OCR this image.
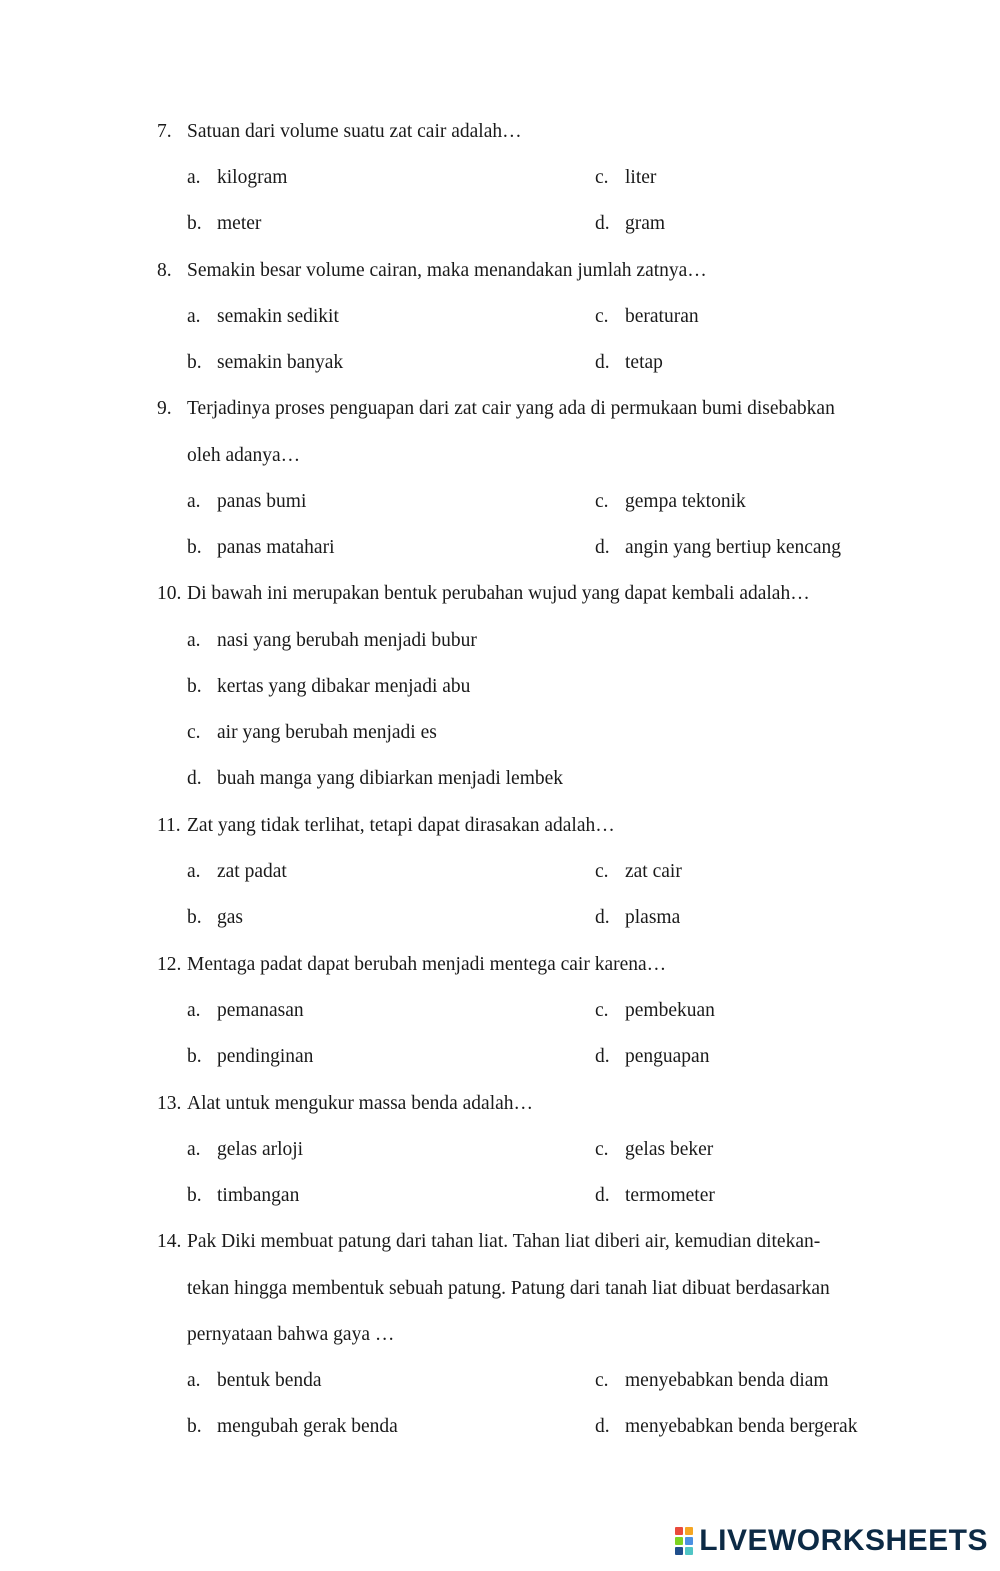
7. Satuan dari volume suatu zat cair adalah…
a. kilogram	c. liter
b. meter	d. gram
8. Semakin besar volume cairan, maka menandakan jumlah zatnya…
a. semakin sedikit	c. beraturan
b. semakin banyak	d. tetap
9. Terjadinya proses penguapan dari zat cair yang ada di permukaan bumi disebabkan
oleh adanya…
a. panas bumi	c. gempa tektonik
b. panas matahari	d. angin yang bertiup kencang
10. Di bawah ini merupakan bentuk perubahan wujud yang dapat kembali adalah…
a. nasi yang berubah menjadi bubur
b. kertas yang dibakar menjadi abu
c. air yang berubah menjadi es
d. buah manga yang dibiarkan menjadi lembek
11. Zat yang tidak terlihat, tetapi dapat dirasakan adalah…
a. zat padat	c. zat cair
b. gas	d. plasma
12. Mentaga padat dapat berubah menjadi mentega cair karena…
a. pemanasan	c. pembekuan
b. pendinginan	d. penguapan
13. Alat untuk mengukur massa benda adalah…
a. gelas arloji	c. gelas beker
b. timbangan	d. termometer
14. Pak Diki membuat patung dari tahan liat. Tahan liat diberi air, kemudian ditekan-
tekan hingga membentuk sebuah patung. Patung dari tanah liat dibuat berdasarkan
pernyataan bahwa gaya …
a. bentuk benda	c. menyebabkan benda diam
b. mengubah gerak benda	d. menyebabkan benda bergerak
LIVEWORKSHEETS
